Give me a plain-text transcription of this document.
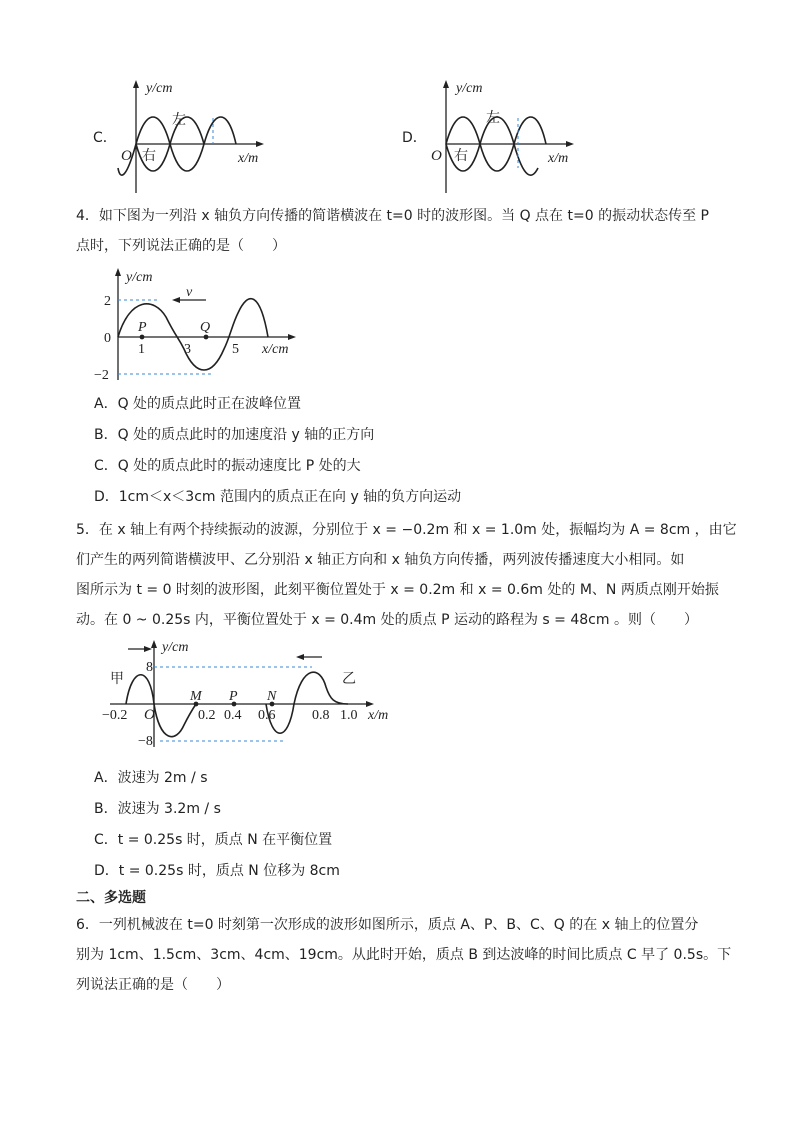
C．
y/cm
x/m
O
左
右
D．
y/cm
x/m
O
左
右
4．如下图为一列沿 x 轴负方向传播的简谐横波在 t=0 时的波形图。当 Q 点在 t=0 的振动状态传至 P
点时，下列说法正确的是（　　）
v
y/cm
2
0
−2
1	3	5 x/cm
P	Q
A．Q 处的质点此时正在波峰位置
B．Q 处的质点此时的加速度沿 y 轴的正方向
C．Q 处的质点此时的振动速度比 P 处的大
D．1cm＜x＜3cm 范围内的质点正在向 y 轴的负方向运动
5．在 x 轴上有两个持续振动的波源，分别位于 x = −0.2m 和 x = 1.0m 处，振幅均为 A = 8cm ，由它
们产生的两列简谐横波甲、乙分别沿 x 轴正方向和 x 轴负方向传播，两列波传播速度大小相同。如
图所示为 t = 0 时刻的波形图，此刻平衡位置处于 x = 0.2m 和 x = 0.6m 处的 M、N 两质点刚开始振
动。在 0 ~ 0.25s 内，平衡位置处于 x = 0.4m 处的质点 P 运动的路程为 s = 48cm 。则（　　）
y/cm
8
−8
甲	乙
M P N
−0.2 O	0.2 0.4 0.6	0.8 1.0 x/m
A．波速为 2m / s
B．波速为 3.2m / s
C．t = 0.25s 时，质点 N 在平衡位置
D．t = 0.25s 时，质点 N 位移为 8cm
二、多选题
6．一列机械波在 t=0 时刻第一次形成的波形如图所示，质点 A、P、B、C、Q 的在 x 轴上的位置分
别为 1cm、1.5cm、3cm、4cm、19cm。从此时开始，质点 B 到达波峰的时间比质点 C 早了 0.5s。下
列说法正确的是（　　）
